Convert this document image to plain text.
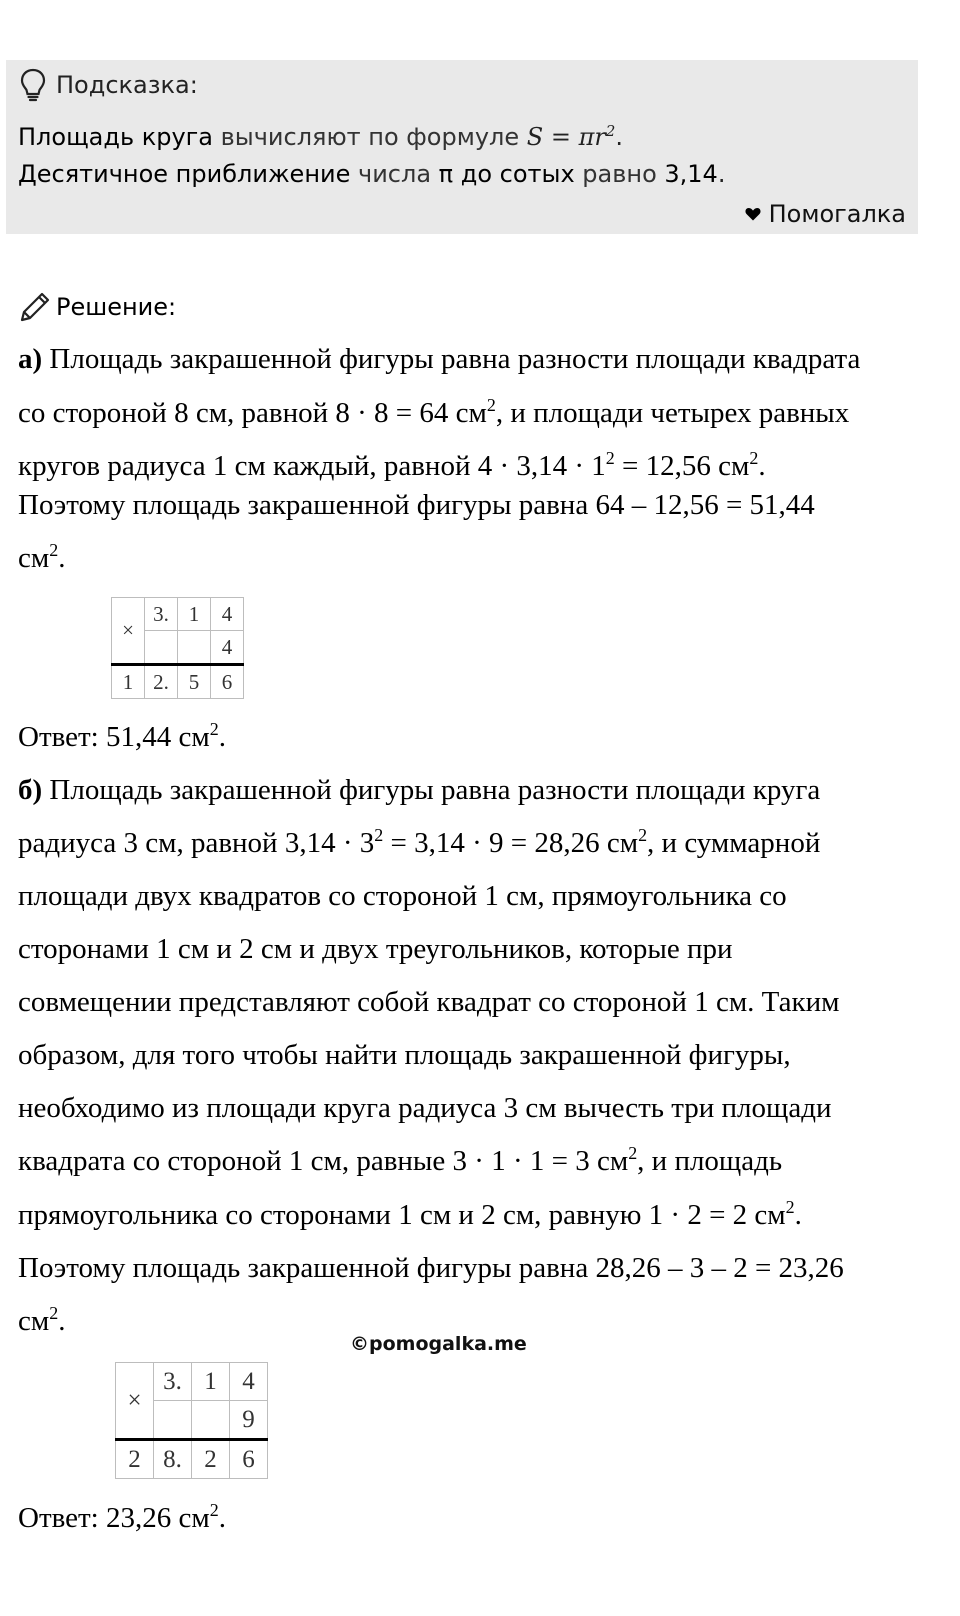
Подсказка:
Площадь круга вычисляют по формуле $S = \pi r^2$.
Десятичное приближение числа π до сотых равно 3,14.
Помогалка
Решение:
а) Площадь закрашенной фигуры равна разности площади квадрата
со стороной 8 см, равной 8 · 8 = 64 $см^2$, и площади четырех равных
кругов радиуса 1 см каждый, равной $4 \cdot 3,14 \cdot 1^2 = 12,56$ $см^2$.
Поэтому площадь закрашенной фигуры равна 64 – 12,56 = 51,44
$см^2$.
×	3.	1	4
			4
1	2.	5	6
Ответ: 51,44 $см^2$.
б) Площадь закрашенной фигуры равна разности площади круга
радиуса 3 см, равной $3,14 \cdot 3^2 = 3,14 \cdot 9 = 28,26$ $см^2$, и суммарной
площади двух квадратов со стороной 1 см, прямоугольника со
сторонами 1 см и 2 см и двух треугольников, которые при
совмещении представляют собой квадрат со стороной 1 см. Таким
образом, для того чтобы найти площадь закрашенной фигуры,
необходимо из площади круга радиуса 3 см вычесть три площади
квадрата со стороной 1 см, равные 3 · 1 · 1 = 3 $см^2$, и площадь
прямоугольника со сторонами 1 см и 2 см, равную 1 · 2 = 2 $см^2$.
Поэтому площадь закрашенной фигуры равна 28,26 – 3 – 2 = 23,26
$см^2$.
©pomogalka.me
×	3.	1	4
			9
2	8.	2	6
Ответ: 23,26 $см^2$.
